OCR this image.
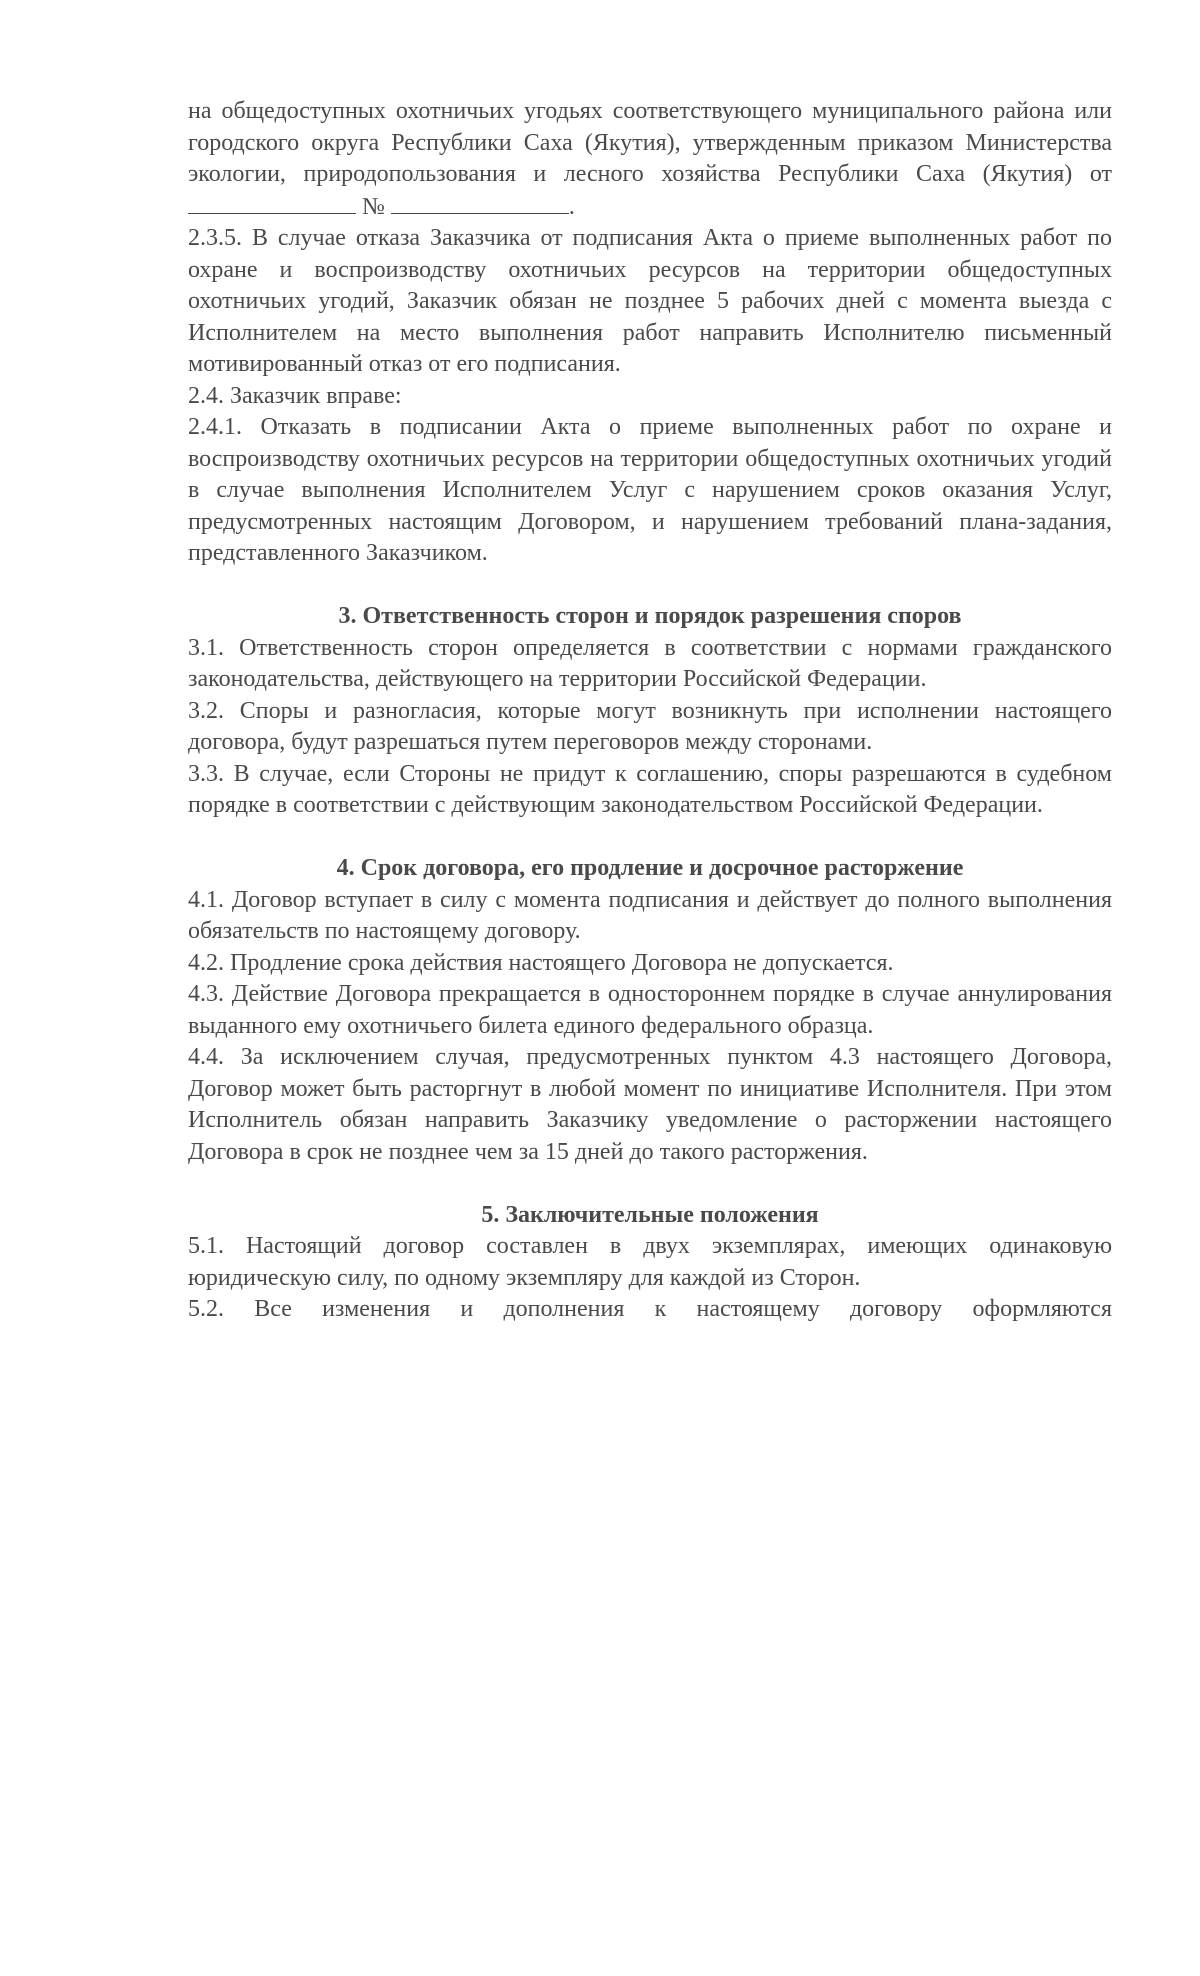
на общедоступных охотничьих угодьях соответствующего муниципального района или городского округа Республики Саха (Якутия), утвержденным приказом Министерства экологии, природопользования и лесного хозяйства Республики Саха (Якутия) от  №	.

2.3.5. В случае отказа Заказчика от подписания Акта о приеме выполненных работ по охране и воспроизводству охотничьих ресурсов на территории общедоступных охотничьих угодий, Заказчик обязан не позднее 5 рабочих дней с момента выезда с Исполнителем на место выполнения работ направить Исполнителю письменный мотивированный отказ от его подписания.

2.4. Заказчик вправе:

2.4.1. Отказать в подписании Акта о приеме выполненных работ по охране и воспроизводству охотничьих ресурсов на территории общедоступных охотничьих угодий в случае выполнения Исполнителем Услуг с нарушением сроков оказания Услуг, предусмотренных настоящим Договором, и нарушением требований плана-задания, представленного Заказчиком.

3. Ответственность сторон и порядок разрешения споров

3.1. Ответственность сторон определяется в соответствии с нормами гражданского законодательства, действующего на территории Российской Федерации.

3.2. Споры и разногласия, которые могут возникнуть при исполнении настоящего договора, будут разрешаться путем переговоров между сторонами.

3.3. В случае, если Стороны не придут к соглашению, споры разрешаются в судебном порядке в соответствии с действующим законодательством Российской Федерации.

4. Срок договора, его продление и досрочное расторжение

4.1. Договор вступает в силу с момента подписания и действует до полного выполнения обязательств по настоящему договору.

4.2. Продление срока действия настоящего Договора не допускается.

4.3. Действие Договора прекращается в одностороннем порядке в случае аннулирования выданного ему охотничьего билета единого федерального образца.

4.4. За исключением случая, предусмотренных пунктом 4.3 настоящего Договора, Договор может быть расторгнут в любой момент по инициативе Исполнителя. При этом Исполнитель обязан направить Заказчику уведомление о расторжении настоящего Договора в срок не позднее чем за 15 дней до такого расторжения.

5. Заключительные положения

5.1. Настоящий договор составлен в двух экземплярах, имеющих одинаковую юридическую силу, по одному экземпляру для каждой из Сторон.

5.2. Все изменения и дополнения к настоящему договору оформляются
